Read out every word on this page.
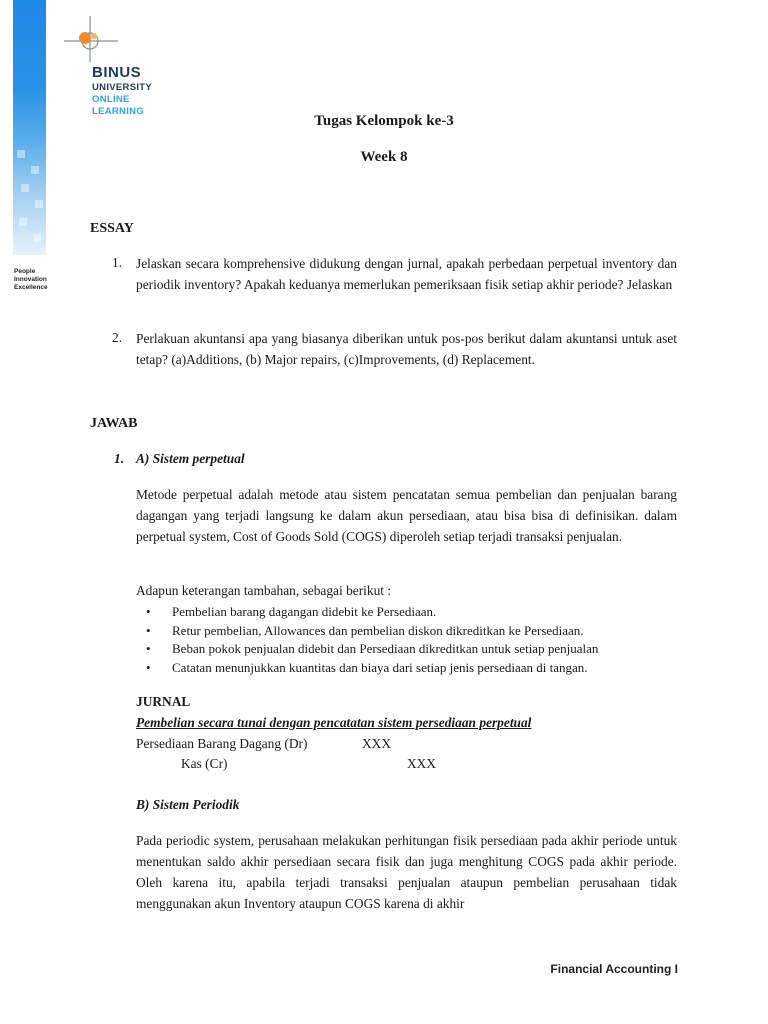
People
Innovation
Excellence
BINUS
UNIVERSITY
ONLINE
LEARNING
Tugas Kelompok ke-3
Week 8
ESSAY
1. Jelaskan secara komprehensive didukung dengan jurnal, apakah perbedaan perpetual inventory dan periodik inventory? Apakah keduanya memerlukan pemeriksaan fisik setiap akhir periode? Jelaskan
2. Perlakuan akuntansi apa yang biasanya diberikan untuk pos-pos berikut dalam akuntansi untuk aset tetap? (a)Additions, (b) Major repairs, (c)Improvements, (d) Replacement.
JAWAB
1. A) Sistem perpetual
Metode perpetual adalah metode atau sistem pencatatan semua pembelian dan penjualan barang dagangan yang terjadi langsung ke dalam akun persediaan, atau bisa bisa di definisikan. dalam perpetual system, Cost of Goods Sold (COGS) diperoleh setiap terjadi transaksi penjualan.
Adapun keterangan tambahan, sebagai berikut :
• Pembelian barang dagangan didebit ke Persediaan.
• Retur pembelian, Allowances dan pembelian diskon dikreditkan ke Persediaan.
• Beban pokok penjualan didebit dan Persediaan dikreditkan untuk setiap penjualan
• Catatan menunjukkan kuantitas dan biaya dari setiap jenis persediaan di tangan.
JURNAL
Pembelian secara tunai dengan pencatatan sistem persediaan perpetual
Persediaan Barang Dagang (Dr)	XXX
Kas (Cr)	XXX
B) Sistem Periodik
Pada periodic system, perusahaan melakukan perhitungan fisik persediaan pada akhir periode untuk menentukan saldo akhir persediaan secara fisik dan juga menghitung COGS pada akhir periode. Oleh karena itu, apabila terjadi transaksi penjualan ataupun pembelian perusahaan tidak menggunakan akun Inventory ataupun COGS karena di akhir
Financial Accounting I
